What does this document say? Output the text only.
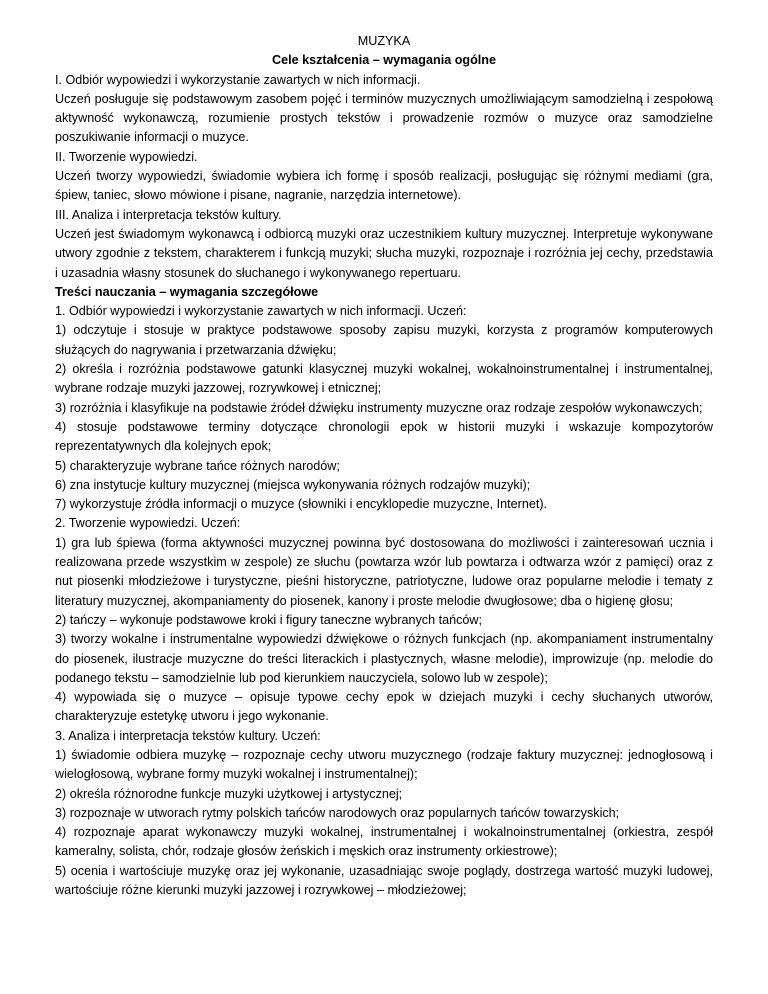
MUZYKA

Cele kształcenia – wymagania ogólne

I. Odbiór wypowiedzi i wykorzystanie zawartych w nich informacji.

Uczeń posługuje się podstawowym zasobem pojęć i terminów muzycznych umożliwiającym samodzielną i zespołową aktywność wykonawczą, rozumienie prostych tekstów i prowadzenie rozmów o muzyce oraz samodzielne poszukiwanie informacji o muzyce.

II. Tworzenie wypowiedzi.

Uczeń tworzy wypowiedzi, świadomie wybiera ich formę i sposób realizacji, posługując się różnymi mediami (gra, śpiew, taniec, słowo mówione i pisane, nagranie, narzędzia internetowe).

III. Analiza i interpretacja tekstów kultury.

Uczeń jest świadomym wykonawcą i odbiorcą muzyki oraz uczestnikiem kultury muzycznej. Interpretuje wykonywane utwory zgodnie z tekstem, charakterem i funkcją muzyki; słucha muzyki, rozpoznaje i rozróżnia jej cechy, przedstawia i uzasadnia własny stosunek do słuchanego i wykonywanego repertuaru.

Treści nauczania – wymagania szczegółowe

1. Odbiór wypowiedzi i wykorzystanie zawartych w nich informacji. Uczeń:

1) odczytuje i stosuje w praktyce podstawowe sposoby zapisu muzyki, korzysta z programów komputerowych służących do nagrywania i przetwarzania dźwięku;

2) określa i rozróżnia podstawowe gatunki klasycznej muzyki wokalnej, wokalnoinstrumentalnej i instrumentalnej, wybrane rodzaje muzyki jazzowej, rozrywkowej i etnicznej;

3) rozróżnia i klasyfikuje na podstawie źródeł dźwięku instrumenty muzyczne oraz rodzaje zespołów wykonawczych;

4) stosuje podstawowe terminy dotyczące chronologii epok w historii muzyki i wskazuje kompozytorów reprezentatywnych dla kolejnych epok;

5) charakteryzuje wybrane tańce różnych narodów;

6) zna instytucje kultury muzycznej (miejsca wykonywania różnych rodzajów muzyki);

7) wykorzystuje źródła informacji o muzyce (słowniki i encyklopedie muzyczne, Internet).

2. Tworzenie wypowiedzi. Uczeń:

1) gra lub śpiewa (forma aktywności muzycznej powinna być dostosowana do możliwości i zainteresowań ucznia i realizowana przede wszystkim w zespole) ze słuchu (powtarza wzór lub powtarza i odtwarza wzór z pamięci) oraz z nut piosenki młodzieżowe i turystyczne, pieśni historyczne, patriotyczne, ludowe oraz popularne melodie i tematy z literatury muzycznej, akompaniamenty do piosenek, kanony i proste melodie dwugłosowe; dba o higienę głosu;

2) tańczy – wykonuje podstawowe kroki i figury taneczne wybranych tańców;

3) tworzy wokalne i instrumentalne wypowiedzi dźwiękowe o różnych funkcjach (np. akompaniament instrumentalny do piosenek, ilustracje muzyczne do treści literackich i plastycznych, własne melodie), improwizuje (np. melodie do podanego tekstu – samodzielnie lub pod kierunkiem nauczyciela, solowo lub w zespole);

4) wypowiada się o muzyce – opisuje typowe cechy epok w dziejach muzyki i cechy słuchanych utworów, charakteryzuje estetykę utworu i jego wykonanie.

3. Analiza i interpretacja tekstów kultury. Uczeń:

1) świadomie odbiera muzykę – rozpoznaje cechy utworu muzycznego (rodzaje faktury muzycznej: jednogłosową i wielogłosową, wybrane formy muzyki wokalnej i instrumentalnej);

2) określa różnorodne funkcje muzyki użytkowej i artystycznej;

3) rozpoznaje w utworach rytmy polskich tańców narodowych oraz popularnych tańców towarzyskich;

4) rozpoznaje aparat wykonawczy muzyki wokalnej, instrumentalnej i wokalnoinstrumentalnej (orkiestra, zespół kameralny, solista, chór, rodzaje głosów żeńskich i męskich oraz instrumenty orkiestrowe);

5) ocenia i wartościuje muzykę oraz jej wykonanie, uzasadniając swoje poglądy, dostrzega wartość muzyki ludowej, wartościuje różne kierunki muzyki jazzowej i rozrywkowej – młodzieżowej;
